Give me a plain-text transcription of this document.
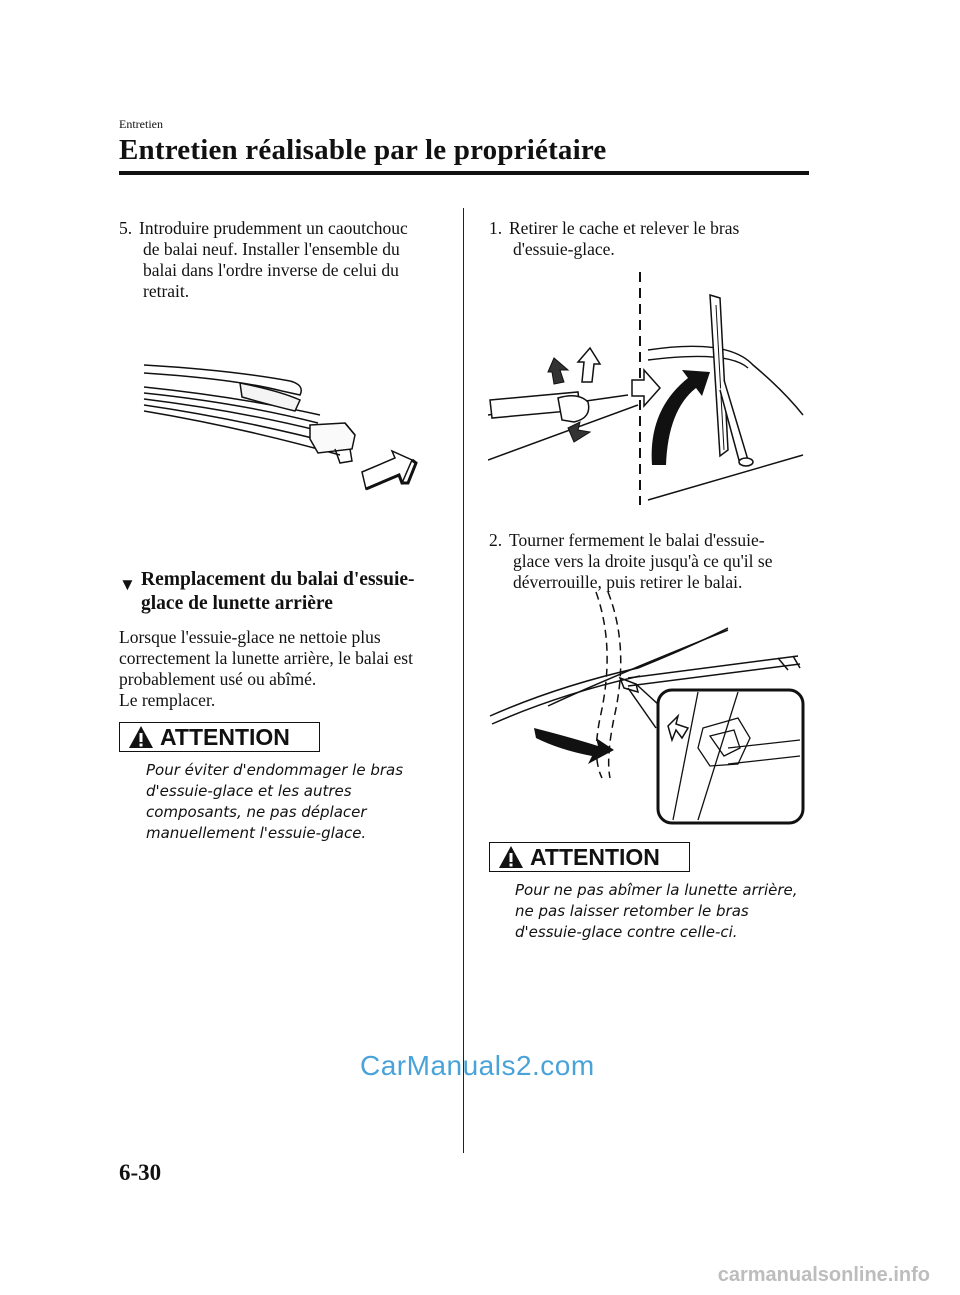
Entretien
Entretien réalisable par le propriétaire
5. Introduire prudemment un caoutchouc
de balai neuf. Installer l'ensemble du
balai dans l'ordre inverse de celui du
retrait.
▼ Remplacement du balai d'essuie-
glace de lunette arrière
Lorsque l'essuie-glace ne nettoie plus
correctement la lunette arrière, le balai est
probablement usé ou abîmé.
Le remplacer.
ATTENTION
Pour éviter d'endommager le bras
d'essuie-glace et les autres
composants, ne pas déplacer
manuellement l'essuie-glace.
1. Retirer le cache et relever le bras
d'essuie-glace.
2. Tourner fermement le balai d'essuie-
glace vers la droite jusqu'à ce qu'il se
déverrouille, puis retirer le balai.
ATTENTION
Pour ne pas abîmer la lunette arrière,
ne pas laisser retomber le bras
d'essuie-glace contre celle-ci.
CarManuals2.com
6-30
carmanualsonline.info
